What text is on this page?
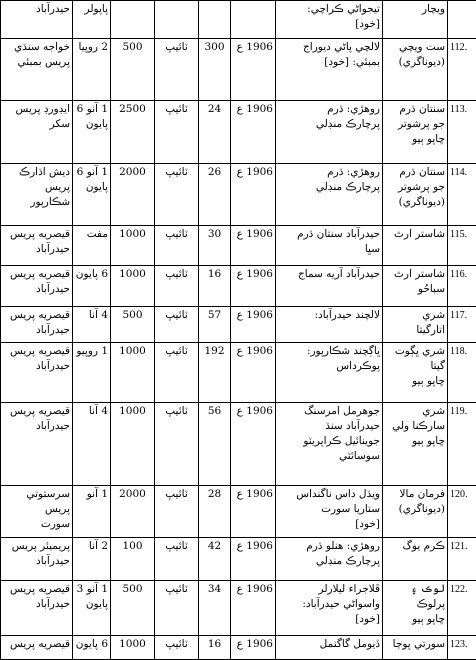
حيدرآباد	پاپولر					تيجواڻي ڪراچي:
[خود]	ويچار	
خواجه سنڌي
پريس بمبئي	2 روپيا	500	ٽائيپ	300	1906 ع	لالچي پاڻي ديوراج
بمبئي: [خود]	ست ويچي
(ديوناگري)	112.
ايڊورڊ پريس
سکر	1 آنو 6
پايون	2500	ٽائيپ	24	1906 ع	روهڙي: ڌرم
پرچارڪ منڊلي	سنتان ڌرم
جو پرشوتر
ڇاپو ٻيو	113.
ديش اڌارڪ
پريس شڪارپور	1 آنو 6
پايون	2000	ٽائيپ	26	1906 ع	روهڙي: ڌرم
پرچارڪ منڊلي	سنتان ڌرم
جو پرشوتر
(ديوناگري)	114.
قيصريه پريس
حيدرآباد	مفت	1000	ٽائيپ	30	1906 ع	حيدرآباد سنتان ڌرم
سڀا	شاستر ارٿ	115.
قيصريه پريس
حيدرآباد	6 پايون	1000	ٽائيپ	16	1906 ع	حيدرآباد آريه سماج	شاستر ارٿ
سباحُو	116.
قيصريه پريس
حيدرآباد	4 آنا	500	ٽائيپ	57	1906 ع	لالچند حيدرآباد:	شري
اتارگيتا	117.
قيصريه پريس
حيدرآباد	1 روپيو	1000	ٽائيپ	192	1906 ع	ڀاڳچند شڪارپور:
پوڪرداس	شري ڀڳوت
گيتا
ڇاپو ٻيو	118.
قيصريه پريس
حيدرآباد	4 آنا	1000	ٽائيپ	56	1906 ع	جوهرمل امرسنگ
حيدرآباد سنڌ
جوينائيل ڪراپريٽو
سوسائٽي	شري
سارڪنا ولي
ڇاپو ٻيو	119.
سرستوتي پريس
سورت	1 آنو	2000	ٽائيپ	28	1906 ع	ويڌل داس ناگنداس
ستاريا سورت
[خود]	فرمان مالا
(ديوناگري)	120.
پريميئر پريس
حيدرآباد	2 آنا	100	ٽائيپ	42	1906 ع	روهڙي: هنلو ڌرم
پرچارڪ منڊلي	ڪرم يوگ	121.
قيصريه پريس
حيدرآباد	1 آنو 3
پايون	500	ٽائيپ	34	1906 ع	ڦلاجراء ليلارلر
واسواڻي حيدرآباد:
[خود]	لوڪ ۽
پرلوڪ
ڇاپو ٻيو	122.
قيصريه پريس	6 پايون	1000	ٽائيپ	16	1906 ع	ڏيومل گاگنمل	سورتي پوڄا	123.
